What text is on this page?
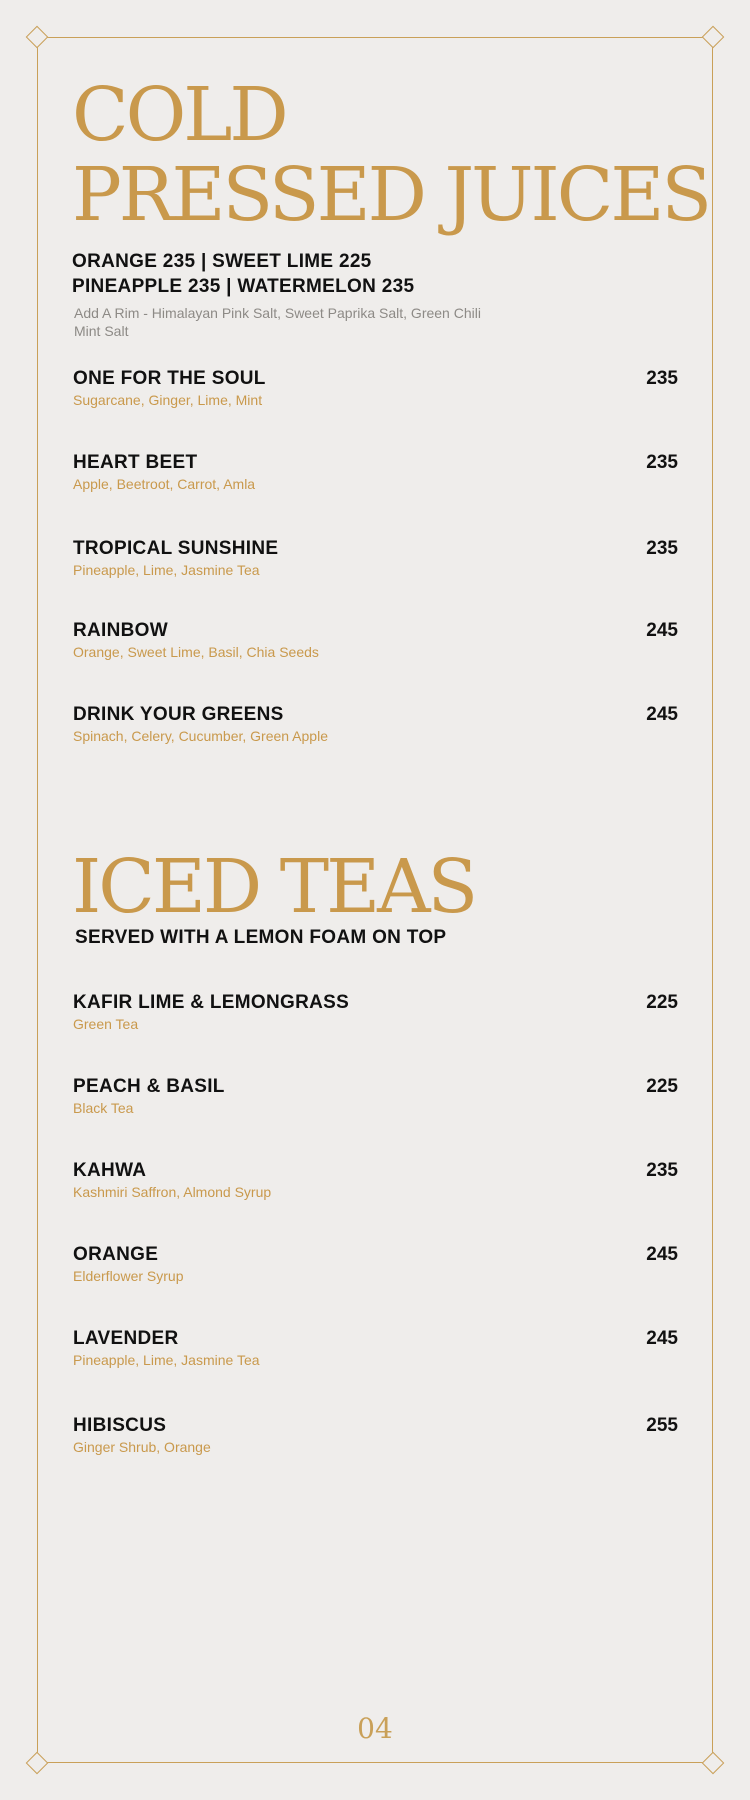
COLD
PRESSED JUICES
ORANGE 235 | SWEET LIME 225
PINEAPPLE 235 | WATERMELON 235
Add A Rim - Himalayan Pink Salt, Sweet Paprika Salt, Green Chili Mint Salt
ONE FOR THE SOUL
Sugarcane, Ginger, Lime, Mint
235
HEART BEET
Apple, Beetroot, Carrot, Amla
235
TROPICAL SUNSHINE
Pineapple, Lime, Jasmine Tea
235
RAINBOW
Orange, Sweet Lime, Basil, Chia Seeds
245
DRINK YOUR GREENS
Spinach, Celery, Cucumber, Green Apple
245
ICED TEAS
SERVED WITH A LEMON FOAM ON TOP
KAFIR LIME & LEMONGRASS
Green Tea
225
PEACH & BASIL
Black Tea
225
KAHWA
Kashmiri Saffron, Almond Syrup
235
ORANGE
Elderflower Syrup
245
LAVENDER
Pineapple, Lime, Jasmine Tea
245
HIBISCUS
Ginger Shrub, Orange
255
04
